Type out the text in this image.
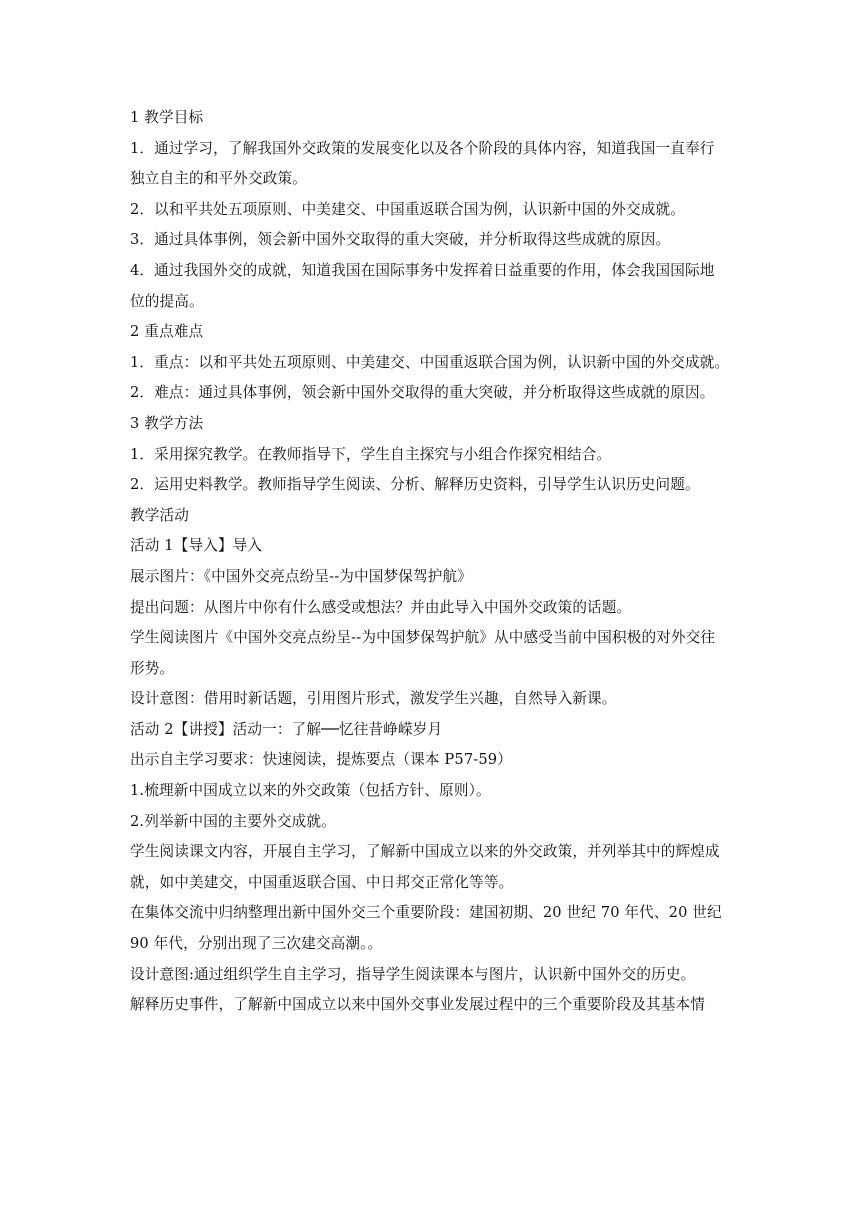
1 教学目标
1．通过学习，了解我国外交政策的发展变化以及各个阶段的具体内容，知道我国一直奉行
独立自主的和平外交政策。
2．以和平共处五项原则、中美建交、中国重返联合国为例，认识新中国的外交成就。
3．通过具体事例，领会新中国外交取得的重大突破，并分析取得这些成就的原因。
4．通过我国外交的成就，知道我国在国际事务中发挥着日益重要的作用，体会我国国际地
位的提高。
2 重点难点
1．重点：以和平共处五项原则、中美建交、中国重返联合国为例，认识新中国的外交成就。
2．难点：通过具体事例，领会新中国外交取得的重大突破，并分析取得这些成就的原因。
3 教学方法
1．采用探究教学。在教师指导下，学生自主探究与小组合作探究相结合。
2．运用史料教学。教师指导学生阅读、分析、解释历史资料，引导学生认识历史问题。
教学活动
活动 1【导入】导入
展示图片：《中国外交亮点纷呈--为中国梦保驾护航》
提出问题：从图片中你有什么感受或想法？并由此导入中国外交政策的话题。
学生阅读图片《中国外交亮点纷呈--为中国梦保驾护航》从中感受当前中国积极的对外交往
形势。
设计意图：借用时新话题，引用图片形式，激发学生兴趣，自然导入新课。
活动 2【讲授】活动一：了解──忆往昔峥嵘岁月
出示自主学习要求：快速阅读，提炼要点（课本 P57-59）
1.梳理新中国成立以来的外交政策（包括方针、原则）。
2.列举新中国的主要外交成就。
学生阅读课文内容，开展自主学习，了解新中国成立以来的外交政策，并列举其中的辉煌成
就，如中美建交，中国重返联合国、中日邦交正常化等等。
在集体交流中归纳整理出新中国外交三个重要阶段：建国初期、20 世纪 70 年代、20 世纪
90 年代，分别出现了三次建交高潮。。
设计意图:通过组织学生自主学习，指导学生阅读课本与图片，认识新中国外交的历史。
解释历史事件，了解新中国成立以来中国外交事业发展过程中的三个重要阶段及其基本情
